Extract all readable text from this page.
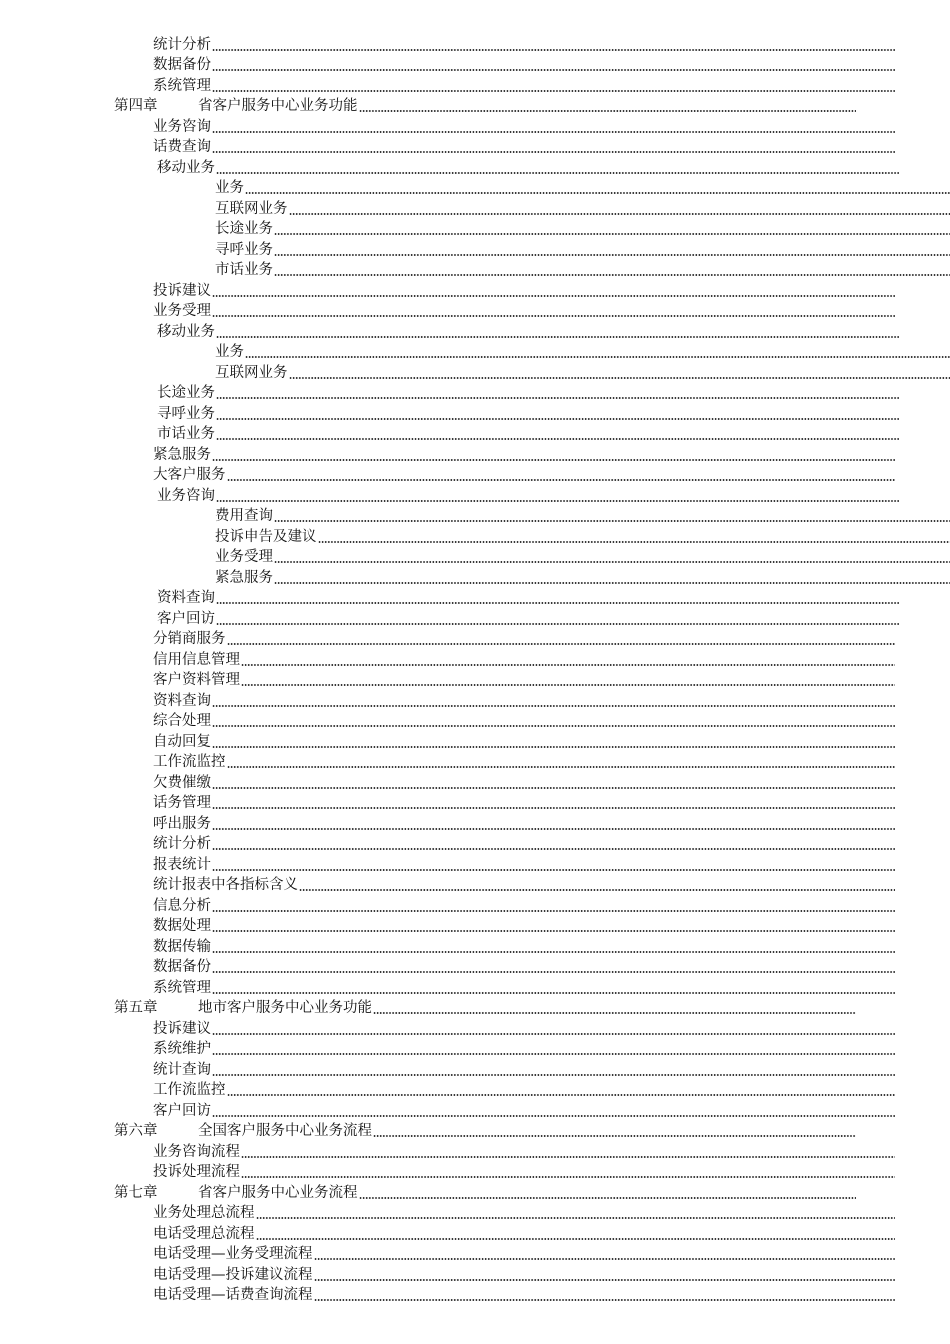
统计分析
数据备份
系统管理
第四章	省客户服务中心业务功能
业务咨询
话费查询
移动业务
业务
互联网业务
长途业务
寻呼业务
市话业务
投诉建议
业务受理
移动业务
业务
互联网业务
长途业务
寻呼业务
市话业务
紧急服务
大客户服务
业务咨询
费用查询
投诉申告及建议
业务受理
紧急服务
资料查询
客户回访
分销商服务
信用信息管理
客户资料管理
资料查询
综合处理
自动回复
工作流监控
欠费催缴
话务管理
呼出服务
统计分析
报表统计
统计报表中各指标含义
信息分析
数据处理
数据传输
数据备份
系统管理
第五章	地市客户服务中心业务功能
投诉建议
系统维护
统计查询
工作流监控
客户回访
第六章	全国客户服务中心业务流程
业务咨询流程
投诉处理流程
第七章	省客户服务中心业务流程
业务处理总流程
电话受理总流程
电话受理—业务受理流程
电话受理—投诉建议流程
电话受理—话费查询流程
